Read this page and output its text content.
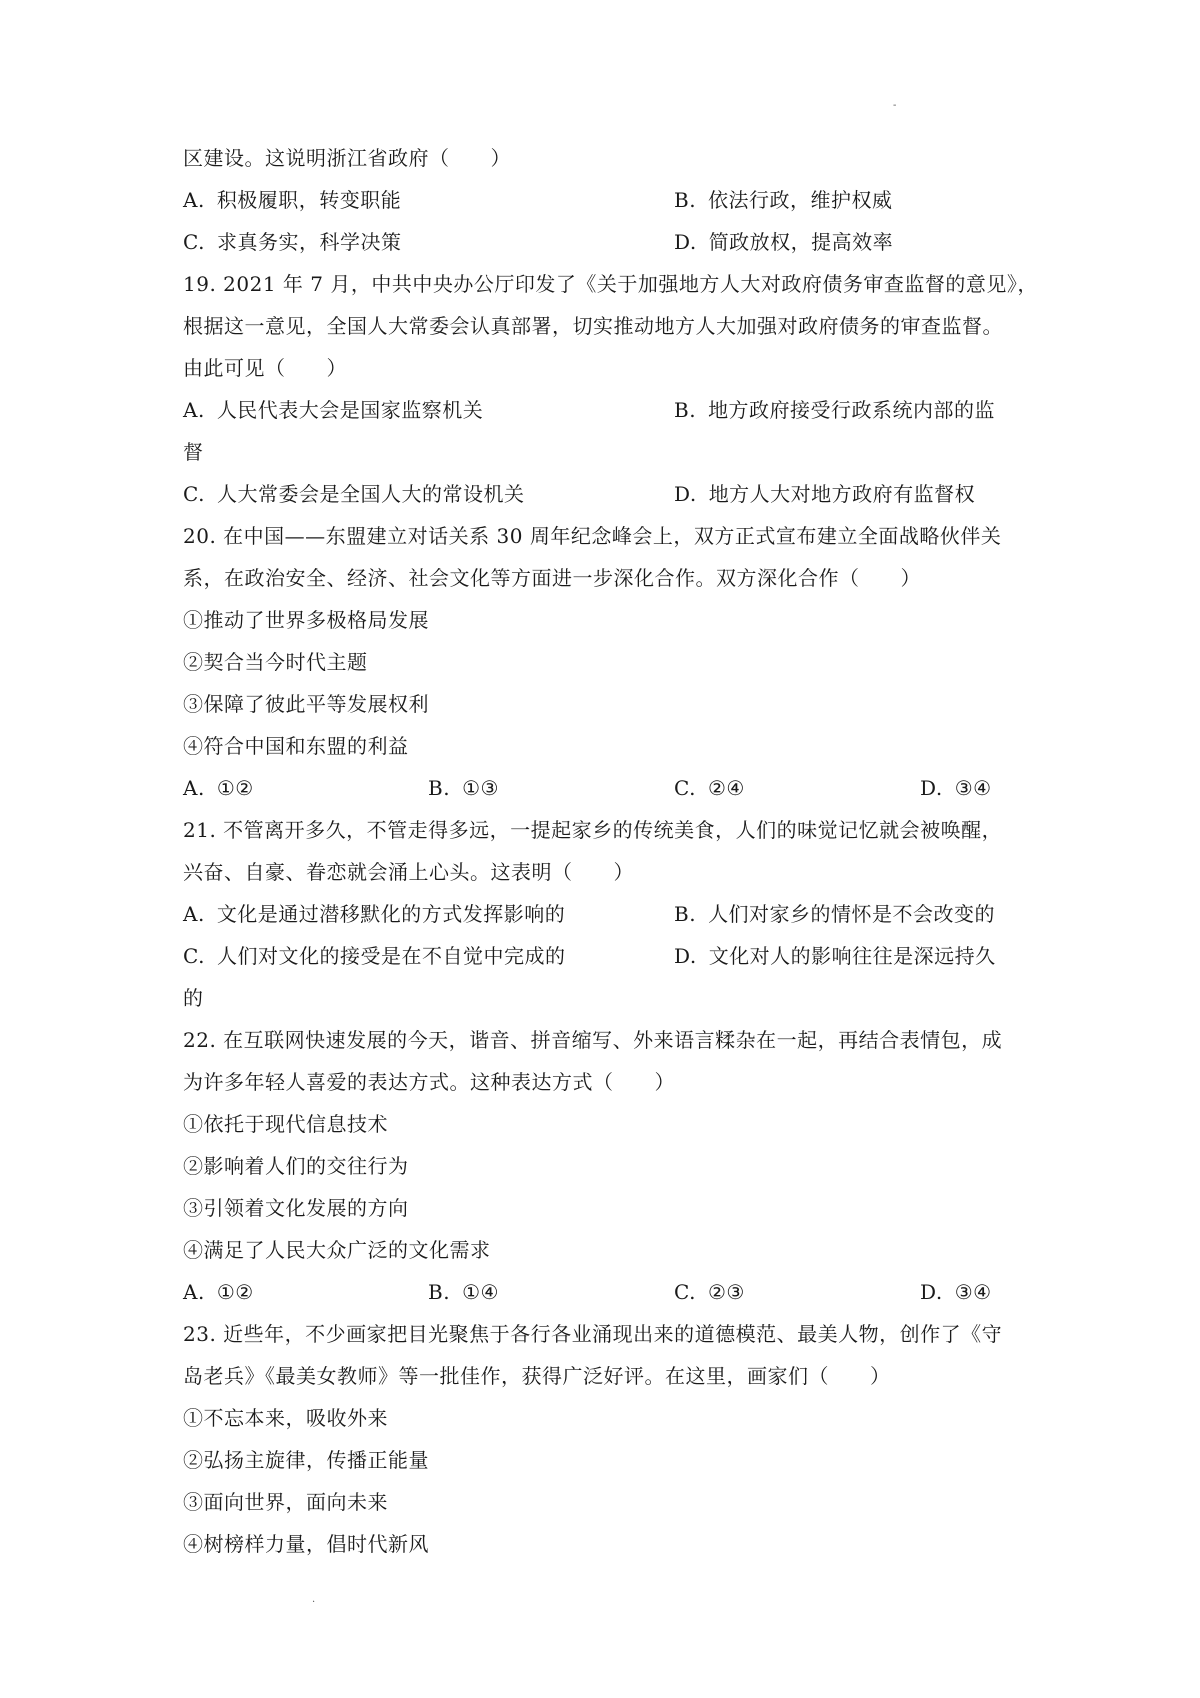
-
区建设。这说明浙江省政府（　　）
A. 积极履职，转变职能	B. 依法行政，维护权威
C. 求真务实，科学决策	D. 简政放权，提高效率
19. 2021 年 7 月，中共中央办公厅印发了《关于加强地方人大对政府债务审查监督的意见》，
根据这一意见，全国人大常委会认真部署，切实推动地方人大加强对政府债务的审查监督。
由此可见（　　）
A. 人民代表大会是国家监察机关	B. 地方政府接受行政系统内部的监
督
C. 人大常委会是全国人大的常设机关	D. 地方人大对地方政府有监督权
20. 在中国——东盟建立对话关系 30 周年纪念峰会上，双方正式宣布建立全面战略伙伴关
系，在政治安全、经济、社会文化等方面进一步深化合作。双方深化合作（　　）
①推动了世界多极格局发展
②契合当今时代主题
③保障了彼此平等发展权利
④符合中国和东盟的利益
A. ①②	B. ①③	C. ②④	D. ③④
21. 不管离开多久，不管走得多远，一提起家乡的传统美食，人们的味觉记忆就会被唤醒，
兴奋、自豪、眷恋就会涌上心头。这表明（　　）
A. 文化是通过潜移默化的方式发挥影响的	B. 人们对家乡的情怀是不会改变的
C. 人们对文化的接受是在不自觉中完成的	D. 文化对人的影响往往是深远持久
的
22. 在互联网快速发展的今天，谐音、拼音缩写、外来语言糅杂在一起，再结合表情包，成
为许多年轻人喜爱的表达方式。这种表达方式（　　）
①依托于现代信息技术
②影响着人们的交往行为
③引领着文化发展的方向
④满足了人民大众广泛的文化需求
A. ①②	B. ①④	C. ②③	D. ③④
23. 近些年，不少画家把目光聚焦于各行各业涌现出来的道德模范、最美人物，创作了《守
岛老兵》《最美女教师》等一批佳作，获得广泛好评。在这里，画家们（　　）
①不忘本来，吸收外来
②弘扬主旋律，传播正能量
③面向世界，面向未来
④树榜样力量，倡时代新风
.
